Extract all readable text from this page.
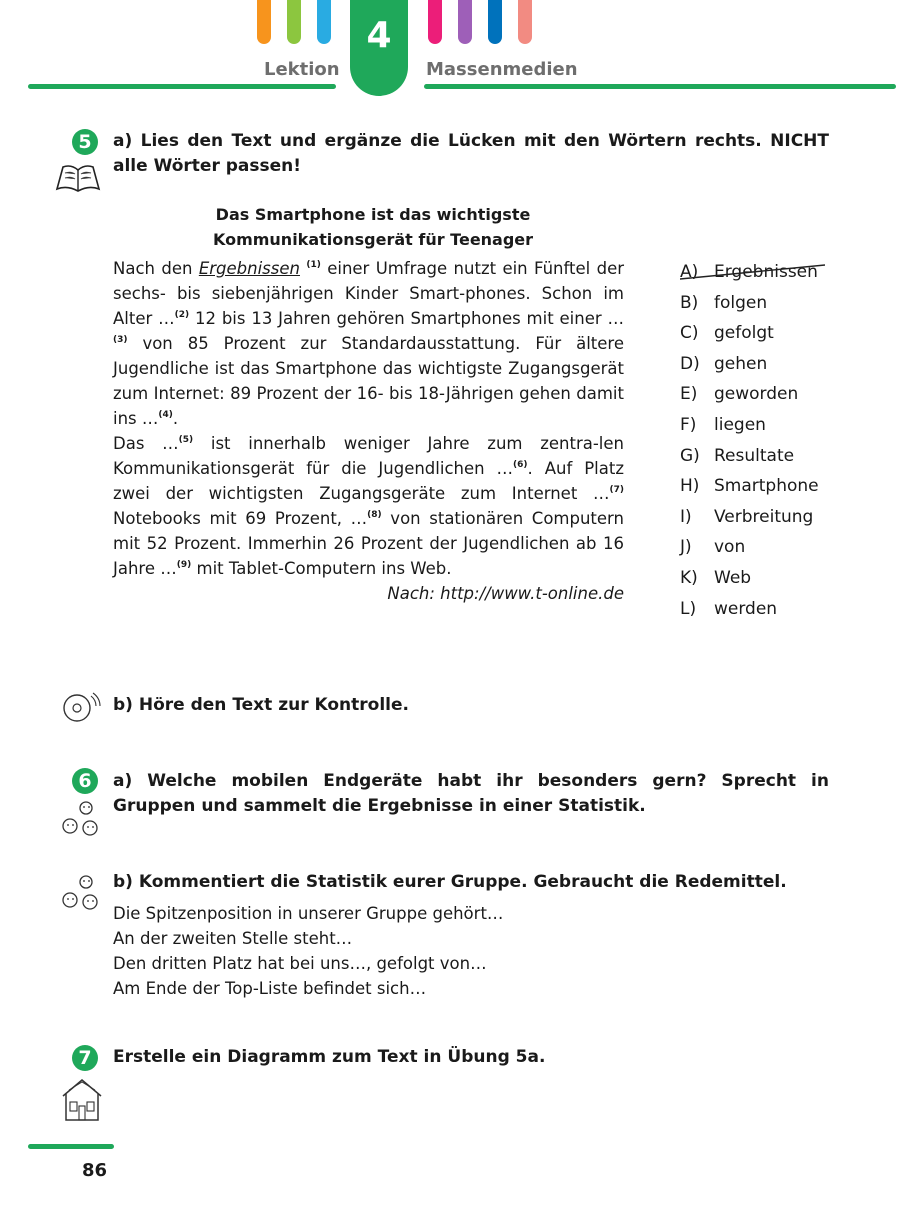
Lektion
4
Massenmedien
5	a) Lies den Text und ergänze die Lücken mit den Wörtern rechts. NICHT alle Wörter passen!
Das Smartphone ist das wichtigste
Kommunikationsgerät für Teenager

Nach den Ergebnissen $^{(1)}$ einer Umfrage nutzt ein Fünftel der sechs- bis siebenjährigen Kinder Smart-phones. Schon im Alter …$^{(2)}$ 12 bis 13 Jahren gehören Smartphones mit einer …$^{(3)}$ von 85 Prozent zur Standardausstattung. Für ältere Jugendliche ist das Smartphone das wichtigste Zugangsgerät zum Internet: 89 Prozent der 16- bis 18-Jährigen gehen damit ins …$^{(4)}$.

Das …$^{(5)}$ ist innerhalb weniger Jahre zum zentra-len Kommunikationsgerät für die Jugendlichen …$^{(6)}$. Auf Platz zwei der wichtigsten Zugangsgeräte zum Internet …$^{(7)}$ Notebooks mit 69 Prozent, …$^{(8)}$ von stationären Computern mit 52 Prozent. Immerhin 26 Prozent der Jugendlichen ab 16 Jahre …$^{(9)}$ mit Tablet-Computern ins Web.

Nach: http://www.t-online.de

A) Ergebnissen
B) folgen
C) gefolgt
D) gehen
E) geworden
F) liegen
G) Resultate
H) Smartphone
I) Verbreitung
J) von
K) Web
L) werden
b) Höre den Text zur Kontrolle.
6	a) Welche mobilen Endgeräte habt ihr besonders gern? Sprecht in Gruppen und sammelt die Ergebnisse in einer Statistik.
b) Kommentiert die Statistik eurer Gruppe. Gebraucht die Redemittel.
Die Spitzenposition in unserer Gruppe gehört…
An der zweiten Stelle steht…
Den dritten Platz hat bei uns…, gefolgt von…
Am Ende der Top-Liste befindet sich…
7	Erstelle ein Diagramm zum Text in Übung 5a.
86
